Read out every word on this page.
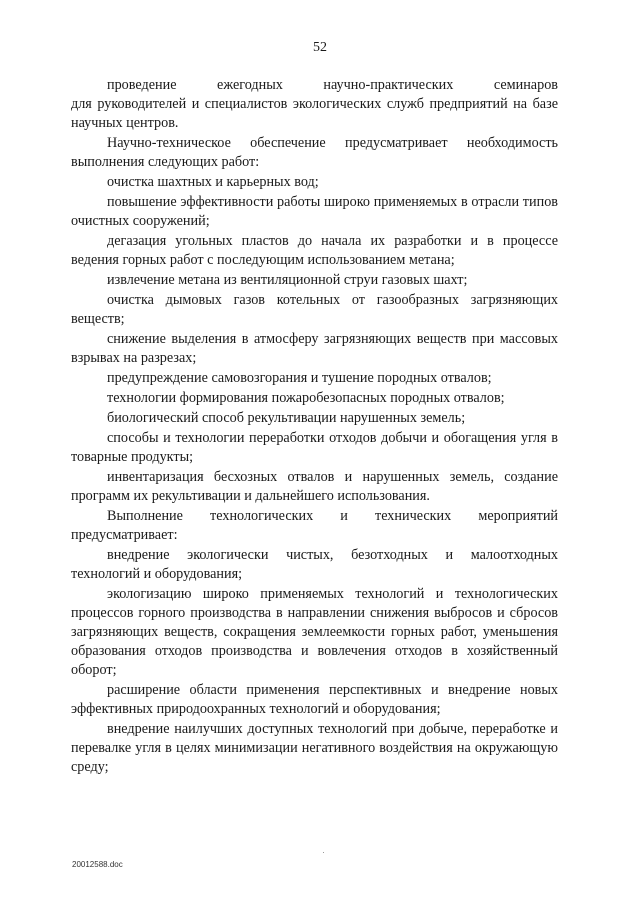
52

проведение ежегодных научно-практических семинаров

для руководителей и специалистов экологических служб предприятий на базе научных центров.

Научно-техническое обеспечение предусматривает необходимость выполнения следующих работ:

очистка шахтных и карьерных вод;

повышение эффективности работы широко применяемых в отрасли типов очистных сооружений;

дегазация угольных пластов до начала их разработки и в процессе ведения горных работ с последующим использованием метана;

извлечение метана из вентиляционной струи газовых шахт;

очистка дымовых газов котельных от газообразных загрязняющих веществ;

снижение выделения в атмосферу загрязняющих веществ при массовых взрывах на разрезах;

предупреждение самовозгорания и тушение породных отвалов;

технологии формирования пожаробезопасных породных отвалов;

биологический способ рекультивации нарушенных земель;

способы и технологии переработки отходов добычи и обогащения угля в товарные продукты;

инвентаризация бесхозных отвалов и нарушенных земель, создание программ их рекультивации и дальнейшего использования.

Выполнение технологических и технических мероприятий

предусматривает:

внедрение экологически чистых, безотходных и малоотходных технологий и оборудования;

экологизацию широко применяемых технологий и технологических процессов горного производства в направлении снижения выбросов и сбросов загрязняющих веществ, сокращения землеемкости горных работ, уменьшения образования отходов производства и вовлечения отходов в хозяйственный оборот;

расширение области применения перспективных и внедрение новых эффективных природоохранных технологий и оборудования;

внедрение наилучших доступных технологий при добыче, переработке и перевалке угля в целях минимизации негативного воздействия на окружающую среду;

20012588.doc
